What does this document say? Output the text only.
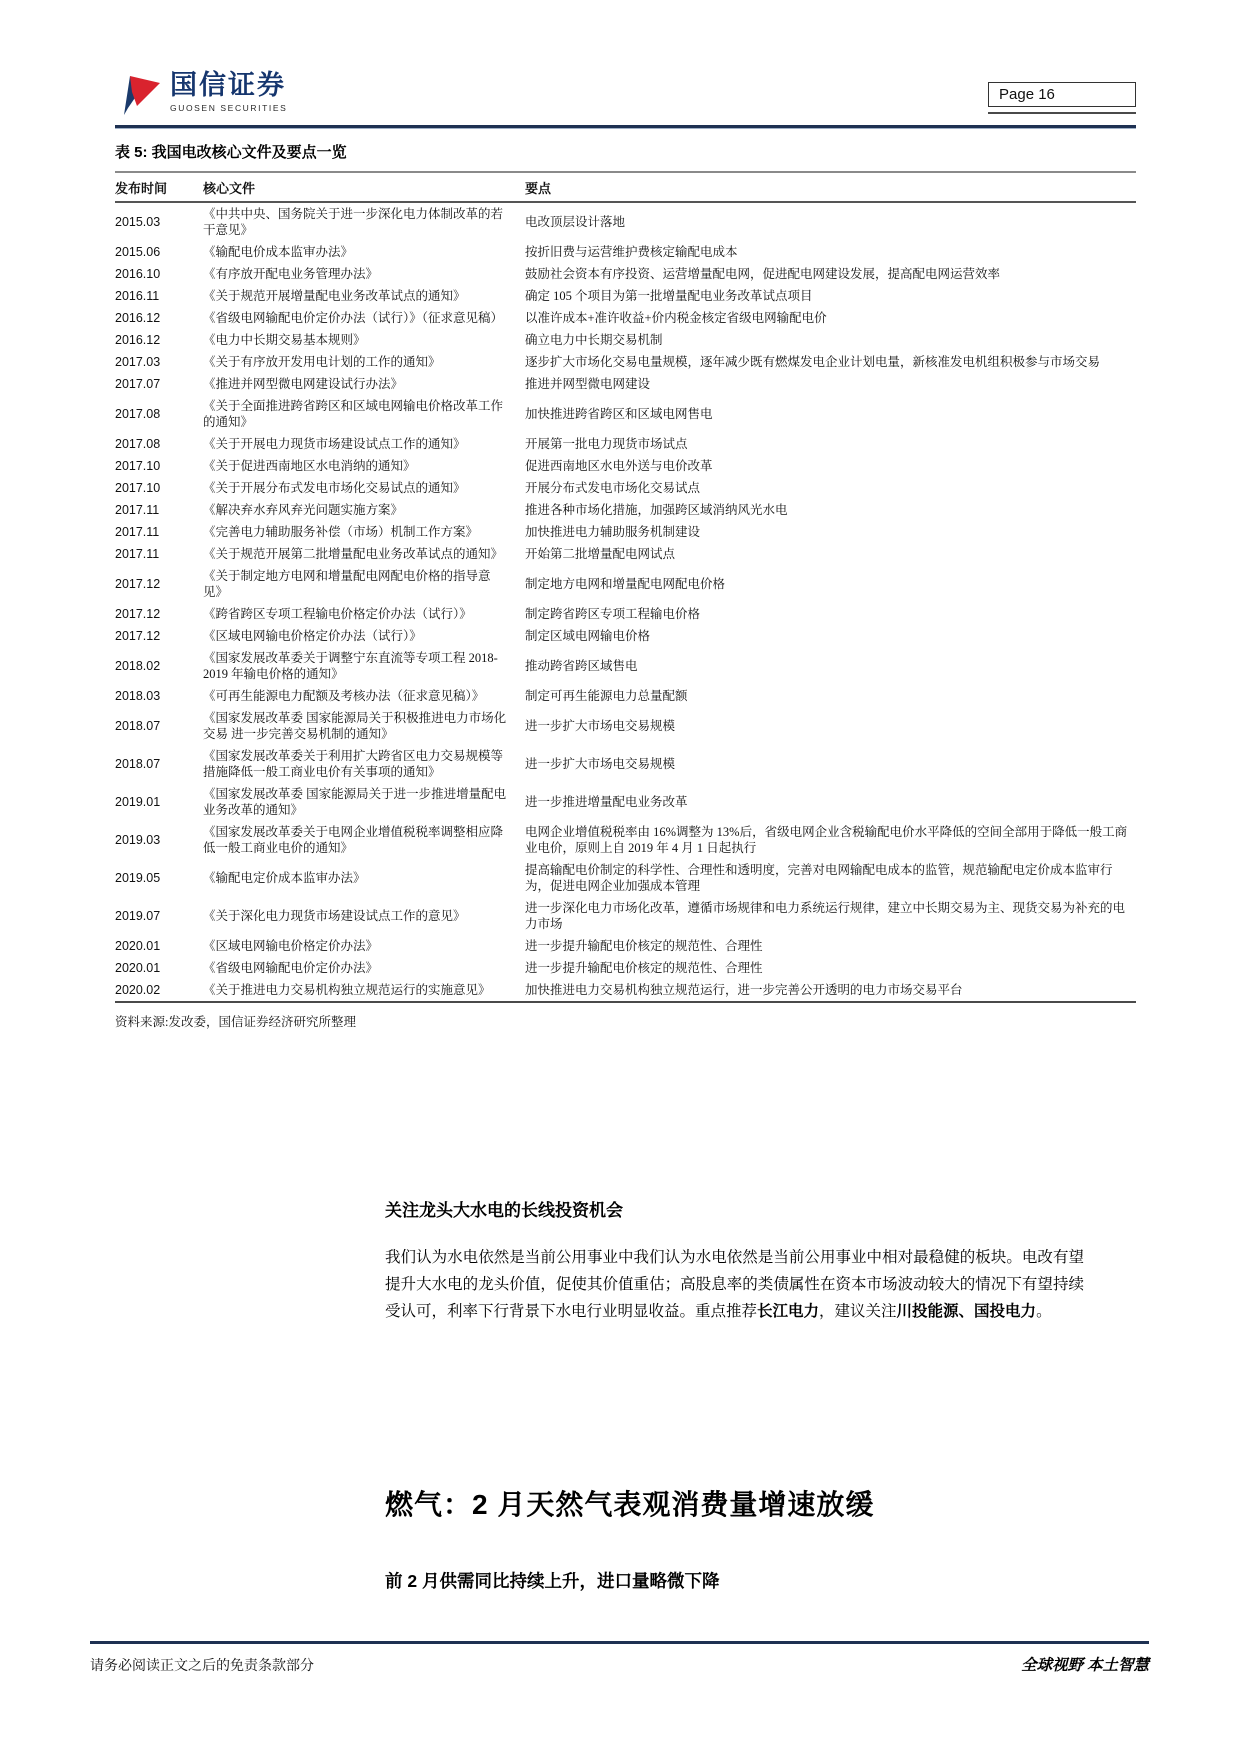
国信证券
GUOSEN SECURITIES
Page 16
表 5: 我国电改核心文件及要点一览
发布时间	核心文件	要点
2015.03	《中共中央、国务院关于进一步深化电力体制改革的若干意见》	电改顶层设计落地
2015.06	《输配电价成本监审办法》	按折旧费与运营维护费核定输配电成本
2016.10	《有序放开配电业务管理办法》	鼓励社会资本有序投资、运营增量配电网，促进配电网建设发展，提高配电网运营效率
2016.11	《关于规范开展增量配电业务改革试点的通知》	确定 105 个项目为第一批增量配电业务改革试点项目
2016.12	《省级电网输配电价定价办法（试行）》（征求意见稿）	以准许成本+准许收益+价内税金核定省级电网输配电价
2016.12	《电力中长期交易基本规则》	确立电力中长期交易机制
2017.03	《关于有序放开发用电计划的工作的通知》	逐步扩大市场化交易电量规模，逐年减少既有燃煤发电企业计划电量，新核准发电机组积极参与市场交易
2017.07	《推进并网型微电网建设试行办法》	推进并网型微电网建设
2017.08	《关于全面推进跨省跨区和区域电网输电价格改革工作的通知》	加快推进跨省跨区和区域电网售电
2017.08	《关于开展电力现货市场建设试点工作的通知》	开展第一批电力现货市场试点
2017.10	《关于促进西南地区水电消纳的通知》	促进西南地区水电外送与电价改革
2017.10	《关于开展分布式发电市场化交易试点的通知》	开展分布式发电市场化交易试点
2017.11	《解决弃水弃风弃光问题实施方案》	推进各种市场化措施，加强跨区域消纳风光水电
2017.11	《完善电力辅助服务补偿（市场）机制工作方案》	加快推进电力辅助服务机制建设
2017.11	《关于规范开展第二批增量配电业务改革试点的通知》	开始第二批增量配电网试点
2017.12	《关于制定地方电网和增量配电网配电价格的指导意见》	制定地方电网和增量配电网配电价格
2017.12	《跨省跨区专项工程输电价格定价办法（试行）》	制定跨省跨区专项工程输电价格
2017.12	《区域电网输电价格定价办法（试行）》	制定区域电网输电价格
2018.02	《国家发展改革委关于调整宁东直流等专项工程 2018-2019 年输电价格的通知》	推动跨省跨区域售电
2018.03	《可再生能源电力配额及考核办法（征求意见稿）》	制定可再生能源电力总量配额
2018.07	《国家发展改革委 国家能源局关于积极推进电力市场化交易 进一步完善交易机制的通知》	进一步扩大市场电交易规模
2018.07	《国家发展改革委关于利用扩大跨省区电力交易规模等措施降低一般工商业电价有关事项的通知》	进一步扩大市场电交易规模
2019.01	《国家发展改革委 国家能源局关于进一步推进增量配电业务改革的通知》	进一步推进增量配电业务改革
2019.03	《国家发展改革委关于电网企业增值税税率调整相应降低一般工商业电价的通知》	电网企业增值税税率由 16%调整为 13%后，省级电网企业含税输配电价水平降低的空间全部用于降低一般工商业电价，原则上自 2019 年 4 月 1 日起执行
2019.05	《输配电定价成本监审办法》	提高输配电价制定的科学性、合理性和透明度，完善对电网输配电成本的监管，规范输配电定价成本监审行为，促进电网企业加强成本管理
2019.07	《关于深化电力现货市场建设试点工作的意见》	进一步深化电力市场化改革，遵循市场规律和电力系统运行规律，建立中长期交易为主、现货交易为补充的电力市场
2020.01	《区域电网输电价格定价办法》	进一步提升输配电价核定的规范性、合理性
2020.01	《省级电网输配电价定价办法》	进一步提升输配电价核定的规范性、合理性
2020.02	《关于推进电力交易机构独立规范运行的实施意见》	加快推进电力交易机构独立规范运行，进一步完善公开透明的电力市场交易平台
资料来源:发改委，国信证券经济研究所整理
关注龙头大水电的长线投资机会

我们认为水电依然是当前公用事业中我们认为水电依然是当前公用事业中相对最稳健的板块。电改有望提升大水电的龙头价值，促使其价值重估；高股息率的类债属性在资本市场波动较大的情况下有望持续受认可，利率下行背景下水电行业明显收益。重点推荐长江电力，建议关注川投能源、国投电力。

燃气：2 月天然气表观消费量增速放缓
前 2 月供需同比持续上升，进口量略微下降
请务必阅读正文之后的免责条款部分	全球视野 本土智慧
